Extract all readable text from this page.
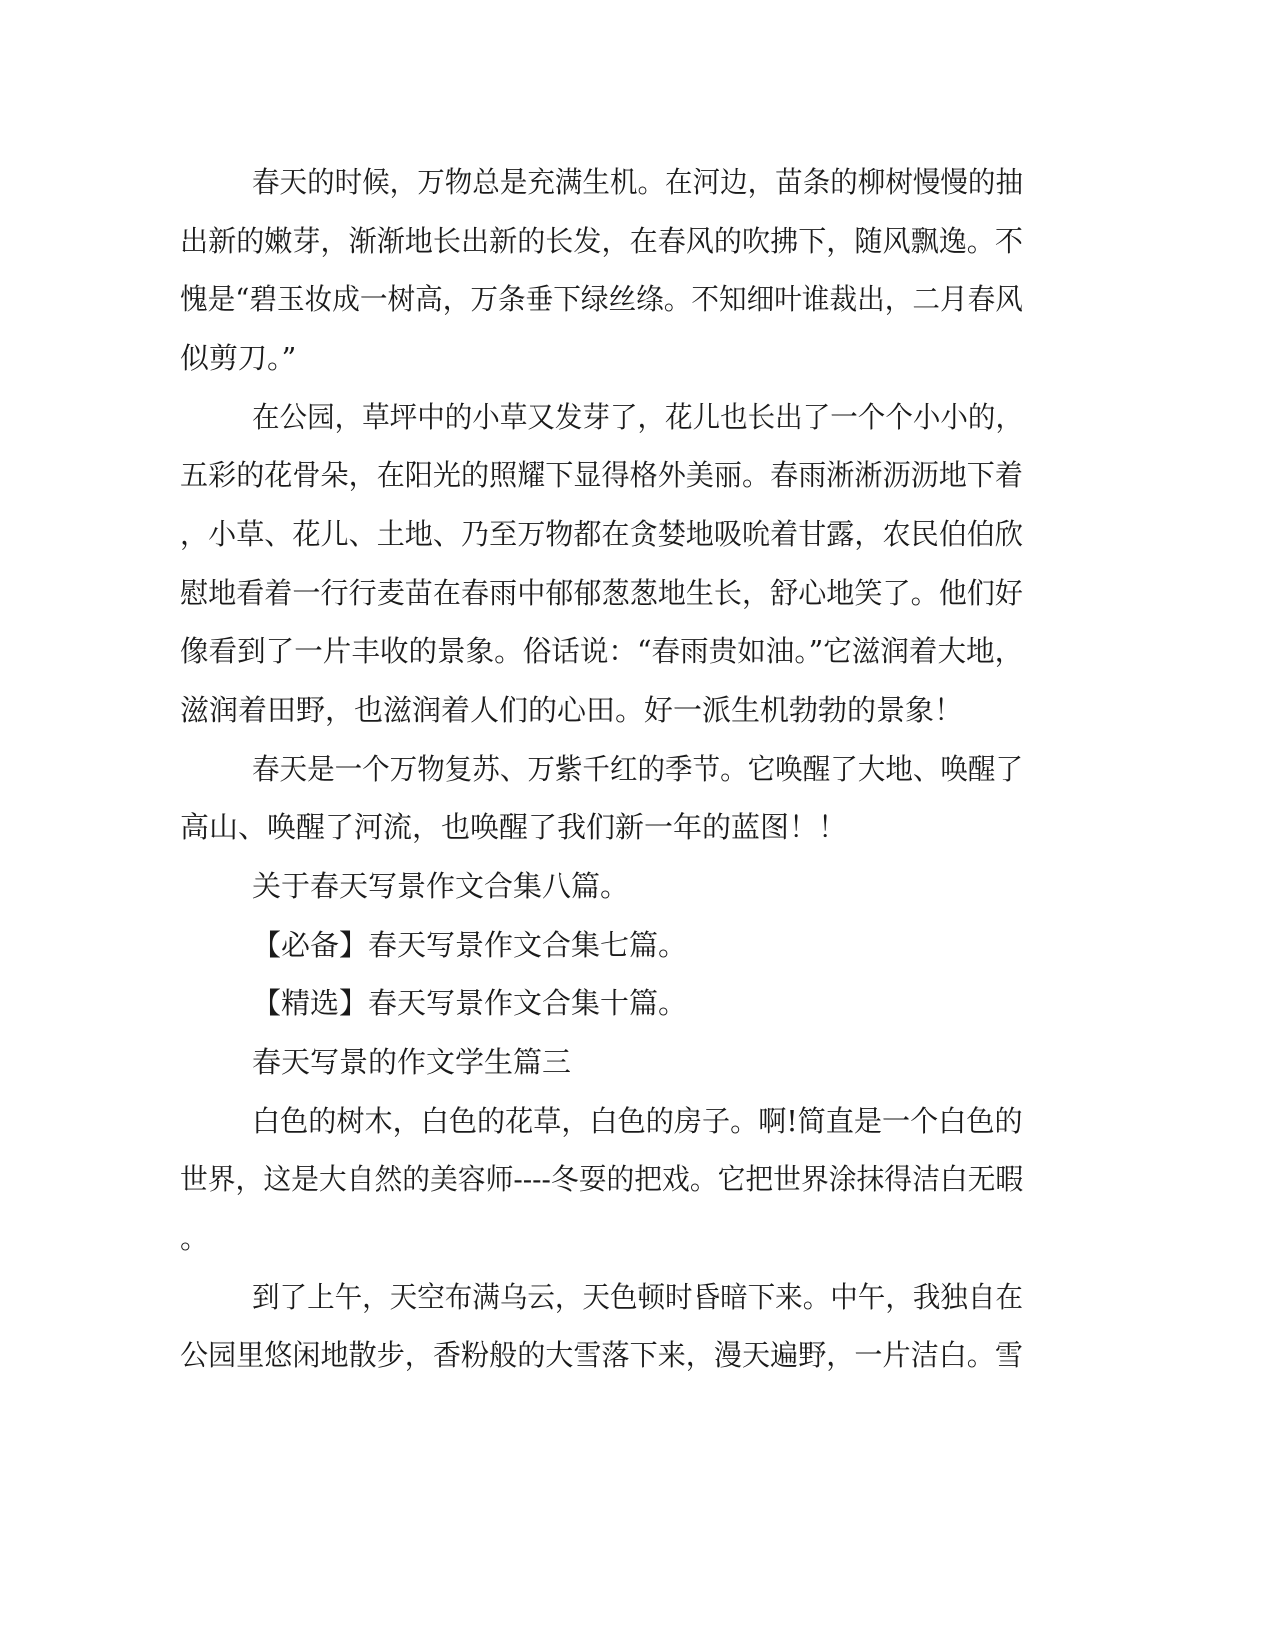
春天的时候，万物总是充满生机。在河边，苗条的柳树慢慢的抽
出新的嫩芽，渐渐地长出新的长发，在春风的吹拂下，随风飘逸。不
愧是“碧玉妆成一树高，万条垂下绿丝绦。不知细叶谁裁出，二月春风
似剪刀。”
在公园，草坪中的小草又发芽了，花儿也长出了一个个小小的，
五彩的花骨朵，在阳光的照耀下显得格外美丽。春雨淅淅沥沥地下着
，小草、花儿、土地、乃至万物都在贪婪地吸吮着甘露，农民伯伯欣
慰地看着一行行麦苗在春雨中郁郁葱葱地生长，舒心地笑了。他们好
像看到了一片丰收的景象。俗话说：“春雨贵如油。”它滋润着大地，
滋润着田野，也滋润着人们的心田。好一派生机勃勃的景象！
春天是一个万物复苏、万紫千红的季节。它唤醒了大地、唤醒了
高山、唤醒了河流，也唤醒了我们新一年的蓝图！！
关于春天写景作文合集八篇。
【必备】春天写景作文合集七篇。
【精选】春天写景作文合集十篇。
春天写景的作文学生篇三
白色的树木，白色的花草，白色的房子。啊!简直是一个白色的
世界，这是大自然的美容师----冬耍的把戏。它把世界涂抹得洁白无暇
。
到了上午，天空布满乌云，天色顿时昏暗下来。中午，我独自在
公园里悠闲地散步，香粉般的大雪落下来，漫天遍野，一片洁白。雪
